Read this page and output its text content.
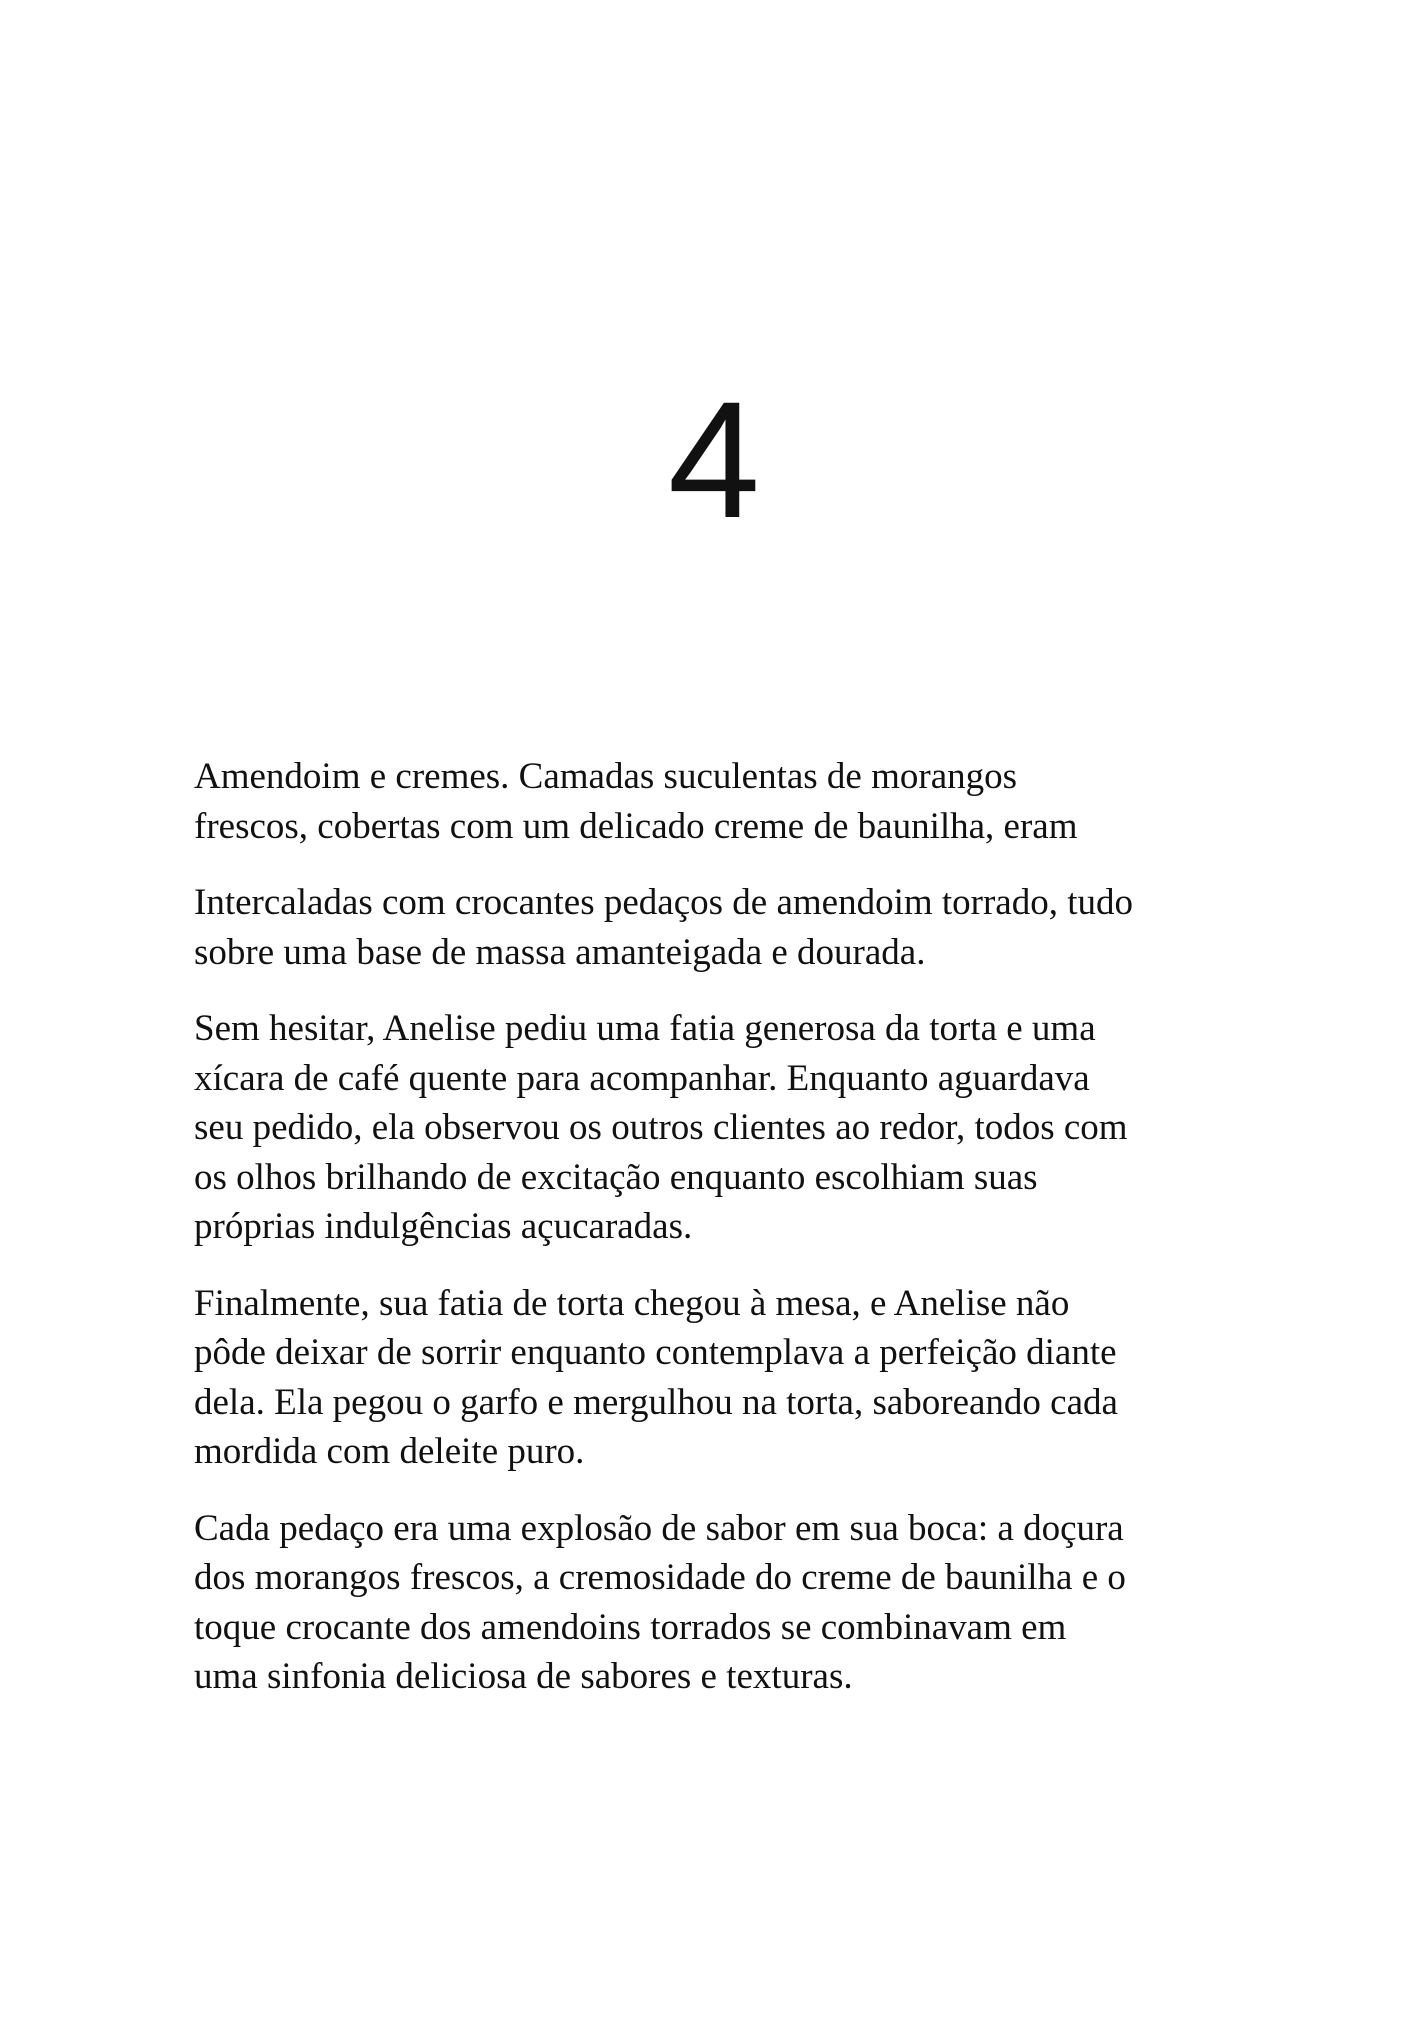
4

Amendoim e cremes. Camadas suculentas de morangos
frescos, cobertas com um delicado creme de baunilha, eram

Intercaladas com crocantes pedaços de amendoim torrado, tudo
sobre uma base de massa amanteigada e dourada.

Sem hesitar, Anelise pediu uma fatia generosa da torta e uma
xícara de café quente para acompanhar. Enquanto aguardava
seu pedido, ela observou os outros clientes ao redor, todos com
os olhos brilhando de excitação enquanto escolhiam suas
próprias indulgências açucaradas.

Finalmente, sua fatia de torta chegou à mesa, e Anelise não
pôde deixar de sorrir enquanto contemplava a perfeição diante
dela. Ela pegou o garfo e mergulhou na torta, saboreando cada
mordida com deleite puro.

Cada pedaço era uma explosão de sabor em sua boca: a doçura
dos morangos frescos, a cremosidade do creme de baunilha e o
toque crocante dos amendoins torrados se combinavam em
uma sinfonia deliciosa de sabores e texturas.
